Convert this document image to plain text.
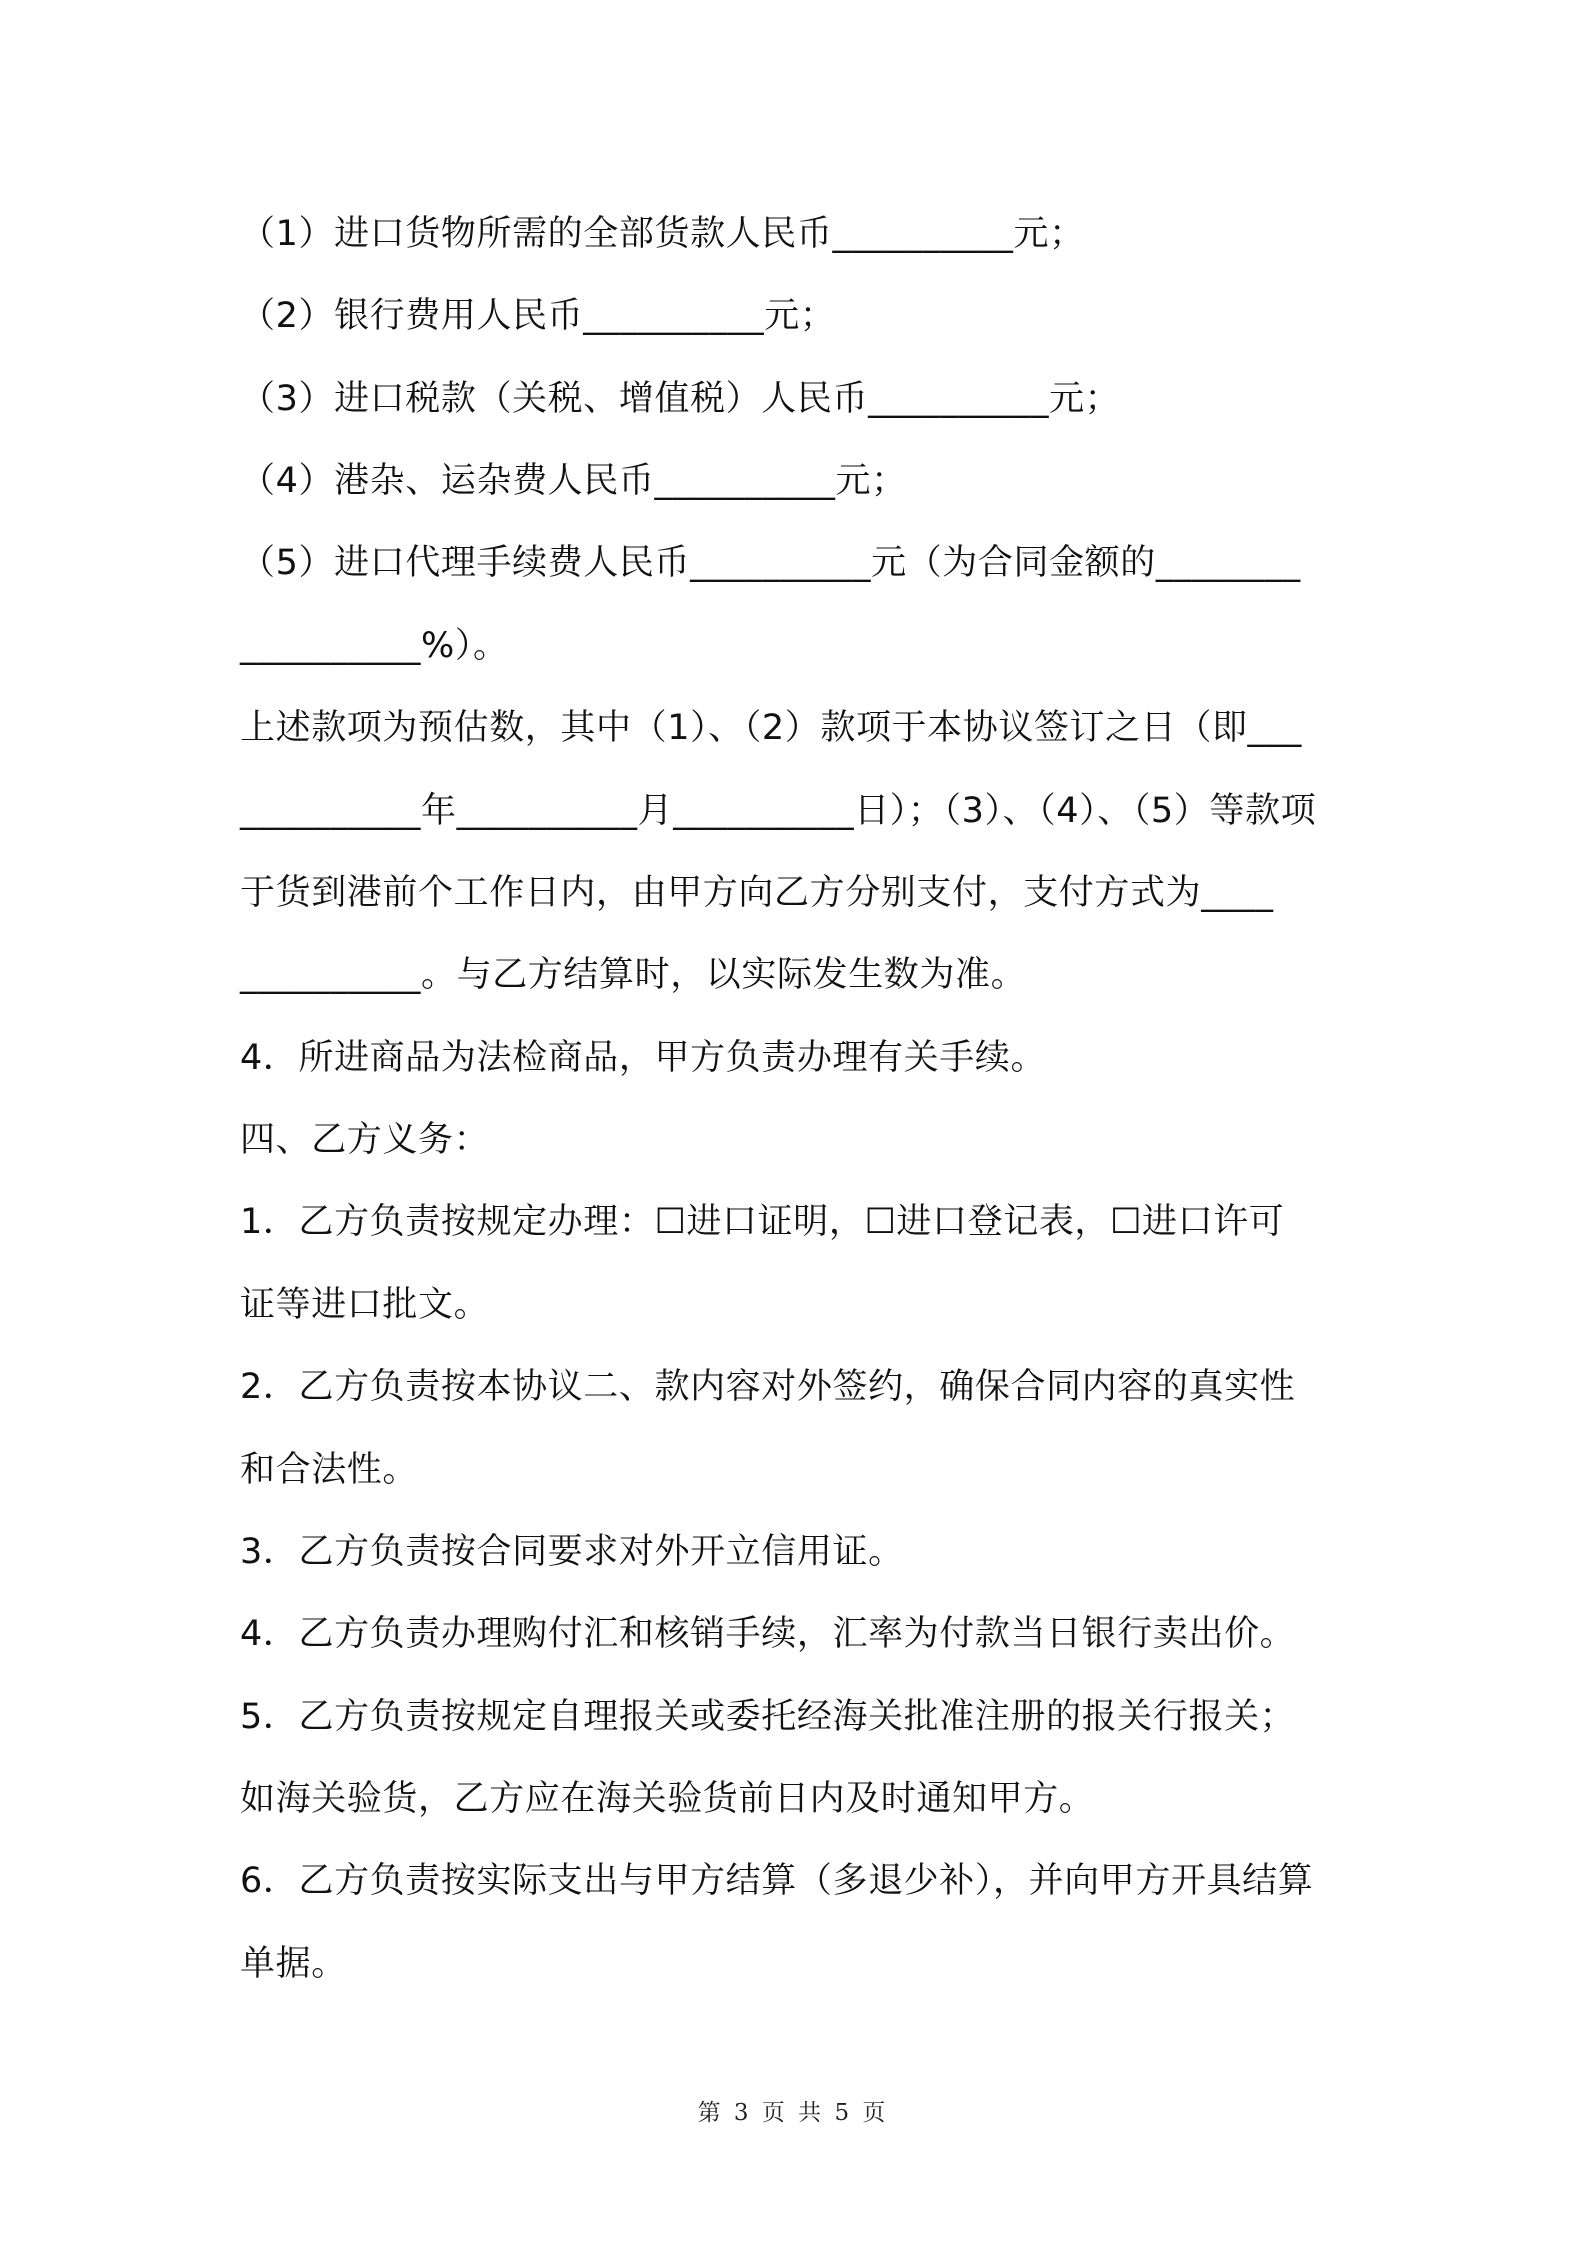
（1）进口货物所需的全部货款人民币__________元；
（2）银行费用人民币__________元；
（3）进口税款（关税、增值税）人民币__________元；
（4）港杂、运杂费人民币__________元；
（5）进口代理手续费人民币__________元（为合同金额的________
__________%）。
上述款项为预估数，其中（1）、（2）款项于本协议签订之日（即___
__________年__________月__________日）；（3）、（4）、（5）等款项
于货到港前个工作日内，由甲方向乙方分别支付，支付方式为____
__________。与乙方结算时，以实际发生数为准。
4．所进商品为法检商品，甲方负责办理有关手续。
四、乙方义务：
1．乙方负责按规定办理：☐进口证明，☐进口登记表，☐进口许可
证等进口批文。
2．乙方负责按本协议二、款内容对外签约，确保合同内容的真实性
和合法性。
3．乙方负责按合同要求对外开立信用证。
4．乙方负责办理购付汇和核销手续，汇率为付款当日银行卖出价。
5．乙方负责按规定自理报关或委托经海关批准注册的报关行报关；
如海关验货，乙方应在海关验货前日内及时通知甲方。
6．乙方负责按实际支出与甲方结算（多退少补），并向甲方开具结算
单据。
第 3 页 共 5 页
